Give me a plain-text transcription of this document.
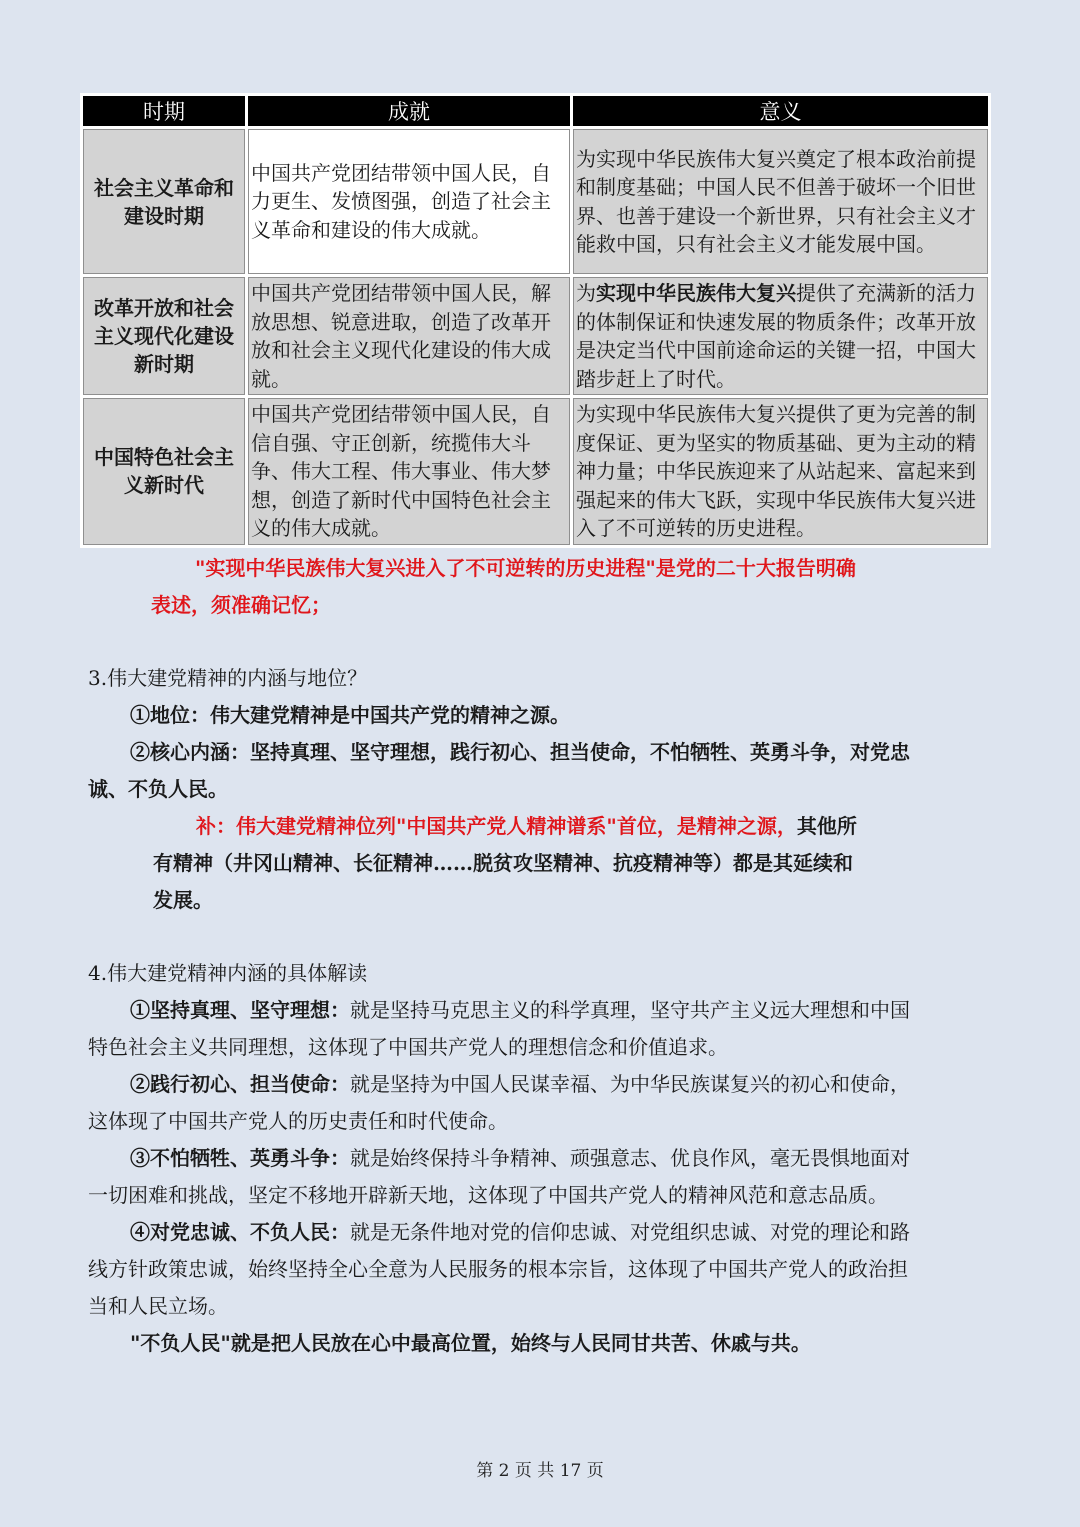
时期	成就	意义
社会主义革命和建设时期	中国共产党团结带领中国人民，自力更生、发愤图强，创造了社会主义革命和建设的伟大成就。	为实现中华民族伟大复兴奠定了根本政治前提和制度基础；中国人民不但善于破坏一个旧世界、也善于建设一个新世界，只有社会主义才能救中国，只有社会主义才能发展中国。
改革开放和社会主义现代化建设新时期	中国共产党团结带领中国人民，解放思想、锐意进取，创造了改革开放和社会主义现代化建设的伟大成就。	为实现中华民族伟大复兴提供了充满新的活力的体制保证和快速发展的物质条件；改革开放是决定当代中国前途命运的关键一招，中国大踏步赶上了时代。
中国特色社会主义新时代	中国共产党团结带领中国人民，自信自强、守正创新，统揽伟大斗争、伟大工程、伟大事业、伟大梦想，创造了新时代中国特色社会主义的伟大成就。	为实现中华民族伟大复兴提供了更为完善的制度保证、更为坚实的物质基础、更为主动的精神力量；中华民族迎来了从站起来、富起来到强起来的伟大飞跃，实现中华民族伟大复兴进入了不可逆转的历史进程。
"实现中华民族伟大复兴进入了不可逆转的历史进程"是党的二十大报告明确
表述，须准确记忆；
3.伟大建党精神的内涵与地位？
①地位：伟大建党精神是中国共产党的精神之源。
②核心内涵：坚持真理、坚守理想，践行初心、担当使命，不怕牺牲、英勇斗争，对党忠
诚、不负人民。
补：伟大建党精神位列"中国共产党人精神谱系"首位，是精神之源，其他所
有精神（井冈山精神、长征精神……脱贫攻坚精神、抗疫精神等）都是其延续和
发展。
4.伟大建党精神内涵的具体解读
①坚持真理、坚守理想：就是坚持马克思主义的科学真理，坚守共产主义远大理想和中国
特色社会主义共同理想，这体现了中国共产党人的理想信念和价值追求。
②践行初心、担当使命：就是坚持为中国人民谋幸福、为中华民族谋复兴的初心和使命，
这体现了中国共产党人的历史责任和时代使命。
③不怕牺牲、英勇斗争：就是始终保持斗争精神、顽强意志、优良作风，毫无畏惧地面对
一切困难和挑战，坚定不移地开辟新天地，这体现了中国共产党人的精神风范和意志品质。
④对党忠诚、不负人民：就是无条件地对党的信仰忠诚、对党组织忠诚、对党的理论和路
线方针政策忠诚，始终坚持全心全意为人民服务的根本宗旨，这体现了中国共产党人的政治担
当和人民立场。
"不负人民"就是把人民放在心中最高位置，始终与人民同甘共苦、休戚与共。
第 2 页 共 17 页
